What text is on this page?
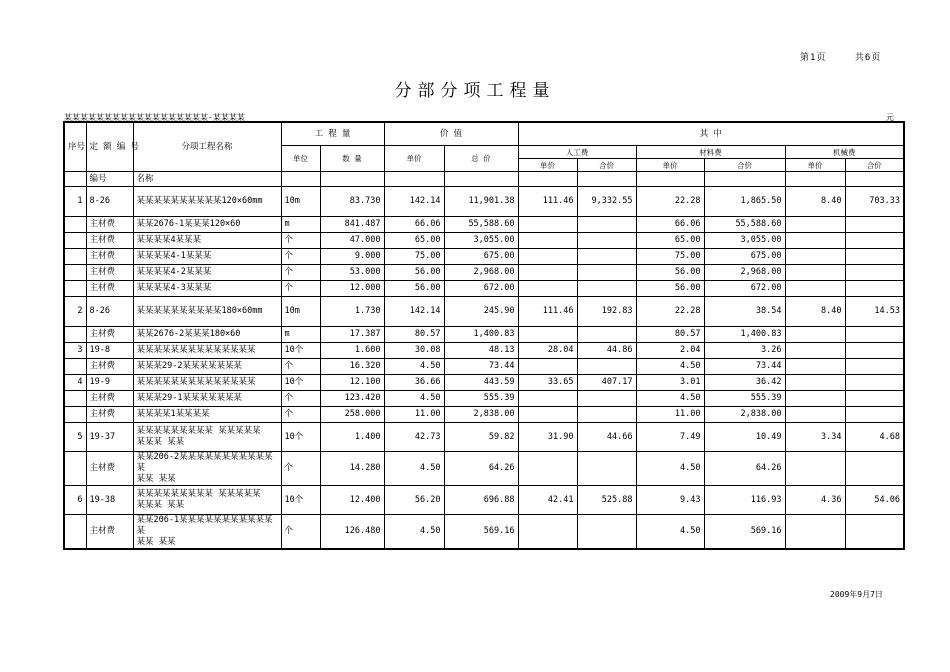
第1页	共6页
分部分项工程量
某某某某某某某某某某某某某某某某某某-某某某某	元
序号	定 额 编 号	分项工程名称	工 程 量		价 值		其 中					
			单位	数 量	单价	总 价	人工费		材料费		机械费	
							单价	合价	单价	合价	单价	合价
	编号	名称										
1	8-26	某某某某某某某某某某120×60mm	10m	83.730	142.14	11,901.38	111.46	9,332.55	22.28	1,865.50	8.40	703.33
	主材费	某某2676-1某某某120×60	m	841.487	66.06	55,588.60			66.06	55,588.60		
	主材费	某某某某4某某某	个	47.000	65.00	3,055.00			65.00	3,055.00		
	主材费	某某某某4-1某某某	个	9.000	75.00	675.00			75.00	675.00		
	主材费	某某某某4-2某某某	个	53.000	56.00	2,968.00			56.00	2,968.00		
	主材费	某某某某4-3某某某	个	12.000	56.00	672.00			56.00	672.00		
2	8-26	某某某某某某某某某某180×60mm	10m	1.730	142.14	245.90	111.46	192.83	22.28	38.54	8.40	14.53
	主材费	某某2676-2某某某180×60	m	17.387	80.57	1,400.83			80.57	1,400.83		
3	19-8	某某某某某某某某某某某某某某	10个	1.600	30.08	48.13	28.04	44.86	2.04	3.26		
	主材费	某某某29-2某某某某某某某	个	16.320	4.50	73.44			4.50	73.44		
4	19-9	某某某某某某某某某某某某某某	10个	12.100	36.66	443.59	33.65	407.17	3.01	36.42		
	主材费	某某某29-1某某某某某某某	个	123.420	4.50	555.39			4.50	555.39		
	主材费	某某某某1某某某某	个	258.000	11.00	2,838.00			11.00	2,838.00		
5	19-37	某某某某某某某某某 某某某某某
某某某 某某	10个	1.400	42.73	59.82	31.90	44.66	7.49	10.49	3.34	4.68
	主材费	某某206-2某某某某某某某某某某某某
某某 某某	个	14.280	4.50	64.26			4.50	64.26		
6	19-38	某某某某某某某某某 某某某某某
某某某 某某	10个	12.400	56.20	696.88	42.41	525.88	9.43	116.93	4.36	54.06
	主材费	某某206-1某某某某某某某某某某某某
某某 某某	个	126.480	4.50	569.16			4.50	569.16		
2009年9月7日
